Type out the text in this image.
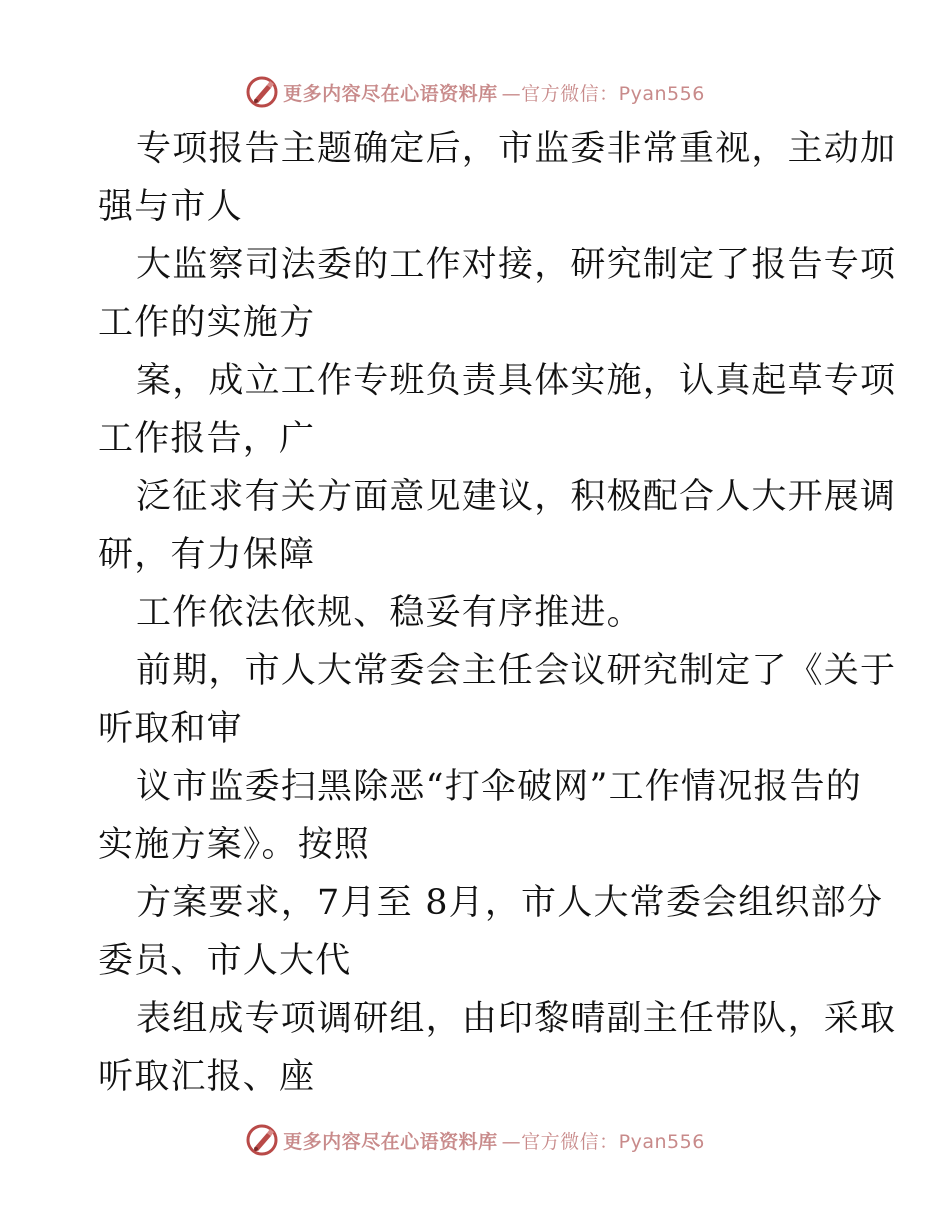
更多内容尽在心语资料库 —官方微信：Pyan556
专项报告主题确定后，市监委非常重视，主动加
强与市人
大监察司法委的工作对接，研究制定了报告专项
工作的实施方
案，成立工作专班负责具体实施，认真起草专项
工作报告，广
泛征求有关方面意见建议，积极配合人大开展调
研，有力保障
工作依法依规、稳妥有序推进。
前期，市人大常委会主任会议研究制定了《关于
听取和审
议市监委扫黑除恶“打伞破网”工作情况报告的
实施方案》。按照
方案要求，7月至 8月，市人大常委会组织部分
委员、市人大代
表组成专项调研组，由印黎晴副主任带队，采取
听取汇报、座
更多内容尽在心语资料库 —官方微信：Pyan556
